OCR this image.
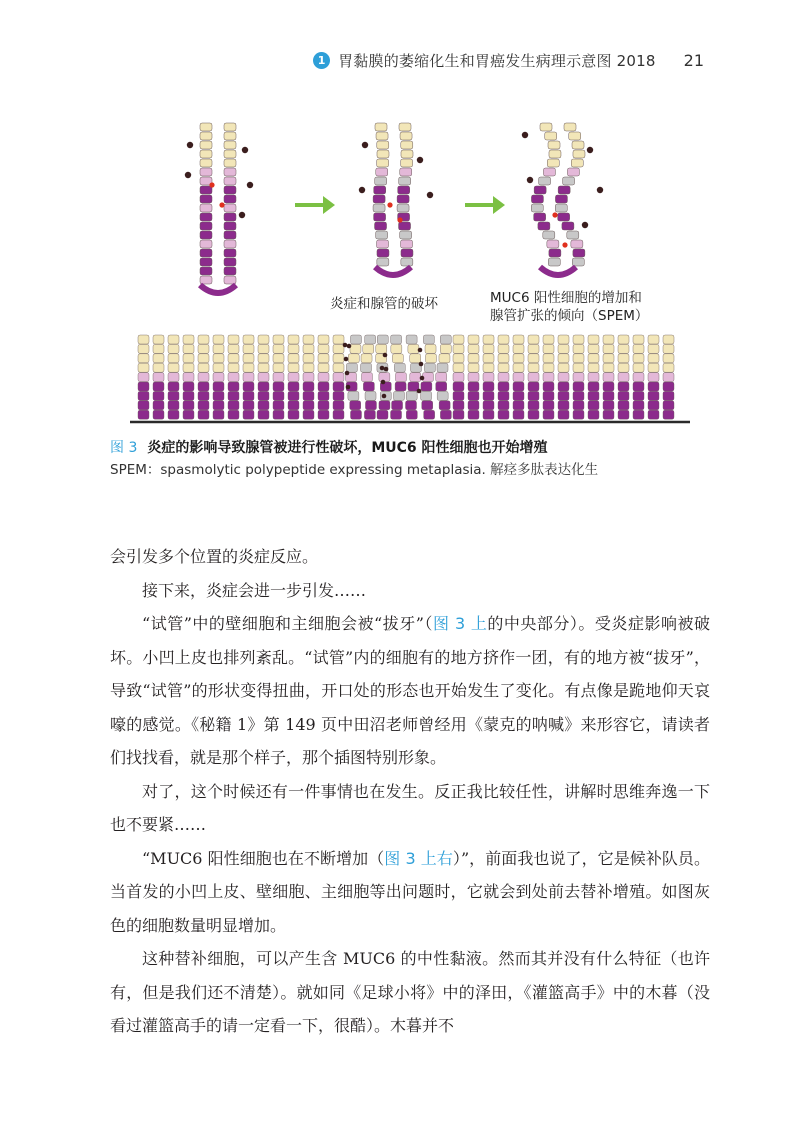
1 胃黏膜的萎缩化生和胃癌发生病理示意图 2018 21
炎症和腺管的破坏	MUC6 阳性细胞的增加和
腺管扩张的倾向（SPEM）
图 3 炎症的影响导致腺管被进行性破坏，MUC6 阳性细胞也开始增殖
SPEM：spasmolytic polypeptide expressing metaplasia. 解痉多肽表达化生

会引发多个位置的炎症反应。

接下来，炎症会进一步引发……

“试管”中的壁细胞和主细胞会被“拔牙”（图 3 上的中央部分）。受炎症影响被破坏。小凹上皮也排列紊乱。“试管”内的细胞有的地方挤作一团，有的地方被“拔牙”，导致“试管”的形状变得扭曲，开口处的形态也开始发生了变化。有点像是跪地仰天哀嚎的感觉。《秘籍 1》第 149 页中田沼老师曾经用《蒙克的呐喊》来形容它，请读者们找找看，就是那个样子，那个插图特别形象。

对了，这个时候还有一件事情也在发生。反正我比较任性，讲解时思维奔逸一下也不要紧……

“MUC6 阳性细胞也在不断增加（图 3 上右）”，前面我也说了，它是候补队员。当首发的小凹上皮、壁细胞、主细胞等出问题时，它就会到处前去替补增殖。如图灰色的细胞数量明显增加。

这种替补细胞，可以产生含 MUC6 的中性黏液。然而其并没有什么特征（也许有，但是我们还不清楚）。就如同《足球小将》中的泽田，《灌篮高手》中的木暮（没看过灌篮高手的请一定看一下，很酷）。木暮并不
